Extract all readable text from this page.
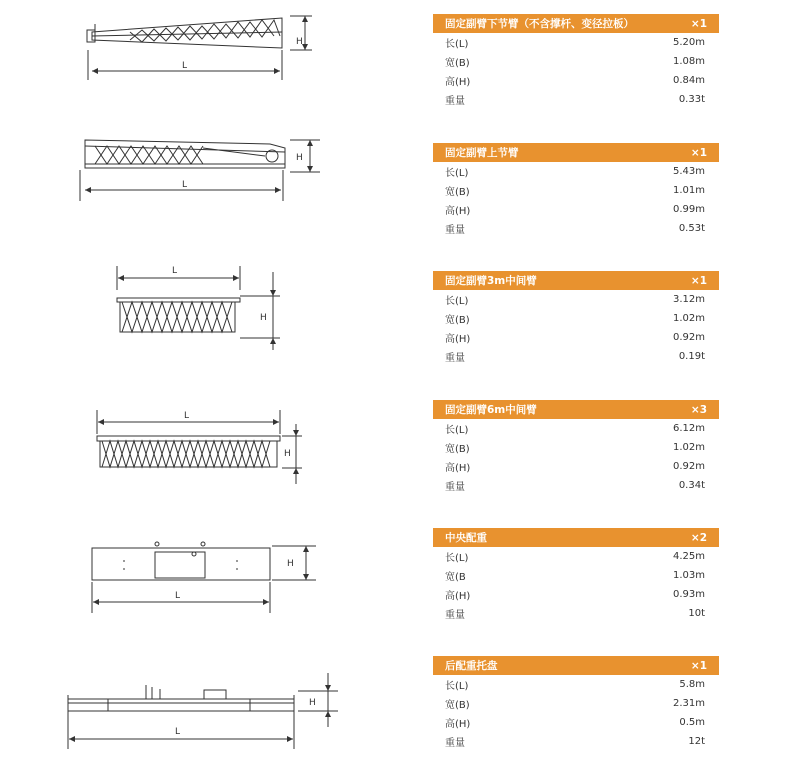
H
L
H
L
L
H
L
H
H
L
H
L
固定副臂下节臂（不含撑杆、变径拉板）	×1
长(L)	5.20m
宽(B)	1.08m
高(H)	0.84m
重量	0.33t
固定副臂上节臂	×1
长(L)	5.43m
宽(B)	1.01m
高(H)	0.99m
重量	0.53t
固定副臂3m中间臂	×1
长(L)	3.12m
宽(B)	1.02m
高(H)	0.92m
重量	0.19t
固定副臂6m中间臂	×3
长(L)	6.12m
宽(B)	1.02m
高(H)	0.92m
重量	0.34t
中央配重	×2
长(L)	4.25m
宽(B	1.03m
高(H)	0.93m
重量	10t
后配重托盘	×1
长(L)	5.8m
宽(B)	2.31m
高(H)	0.5m
重量	12t
